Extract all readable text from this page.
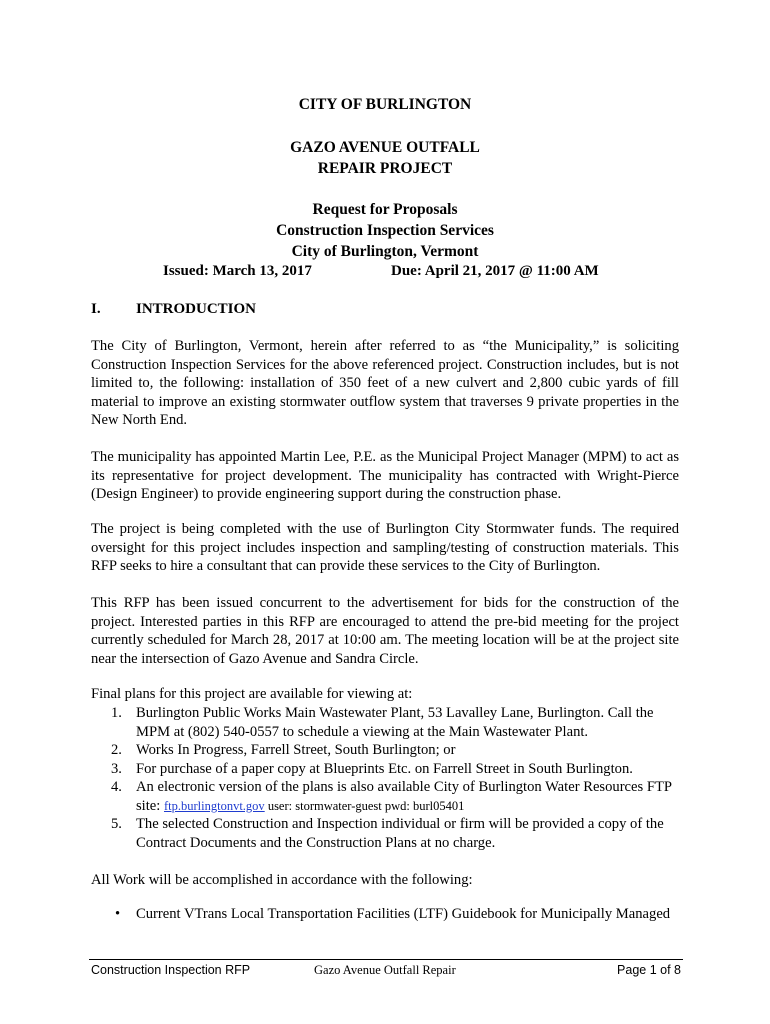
CITY OF BURLINGTON
GAZO AVENUE OUTFALL
REPAIR PROJECT
Request for Proposals
Construction Inspection Services
City of Burlington, Vermont
Issued: March 13, 2017	Due: April 21, 2017 @ 11:00 AM
I. INTRODUCTION
The City of Burlington, Vermont, herein after referred to as “the Municipality,” is soliciting Construction Inspection Services for the above referenced project. Construction includes, but is not limited to, the following: installation of 350 feet of a new culvert and 2,800 cubic yards of fill material to improve an existing stormwater outflow system that traverses 9 private properties in the New North End.
The municipality has appointed Martin Lee, P.E. as the Municipal Project Manager (MPM) to act as its representative for project development. The municipality has contracted with Wright-Pierce (Design Engineer) to provide engineering support during the construction phase.
The project is being completed with the use of Burlington City Stormwater funds. The required oversight for this project includes inspection and sampling/testing of construction materials. This RFP seeks to hire a consultant that can provide these services to the City of Burlington.
This RFP has been issued concurrent to the advertisement for bids for the construction of the project. Interested parties in this RFP are encouraged to attend the pre-bid meeting for the project currently scheduled for March 28, 2017 at 10:00 am. The meeting location will be at the project site near the intersection of Gazo Avenue and Sandra Circle.
Final plans for this project are available for viewing at:
1. Burlington Public Works Main Wastewater Plant, 53 Lavalley Lane, Burlington. Call the MPM at (802) 540-0557 to schedule a viewing at the Main Wastewater Plant.
2. Works In Progress, Farrell Street, South Burlington; or
3. For purchase of a paper copy at Blueprints Etc. on Farrell Street in South Burlington.
4. An electronic version of the plans is also available City of Burlington Water Resources FTP site: ftp.burlingtonvt.gov user: stormwater-guest pwd: burl05401
5. The selected Construction and Inspection individual or firm will be provided a copy of the Contract Documents and the Construction Plans at no charge.
All Work will be accomplished in accordance with the following:
• Current VTrans Local Transportation Facilities (LTF) Guidebook for Municipally Managed
Construction Inspection RFP	Gazo Avenue Outfall Repair	Page 1 of 8
